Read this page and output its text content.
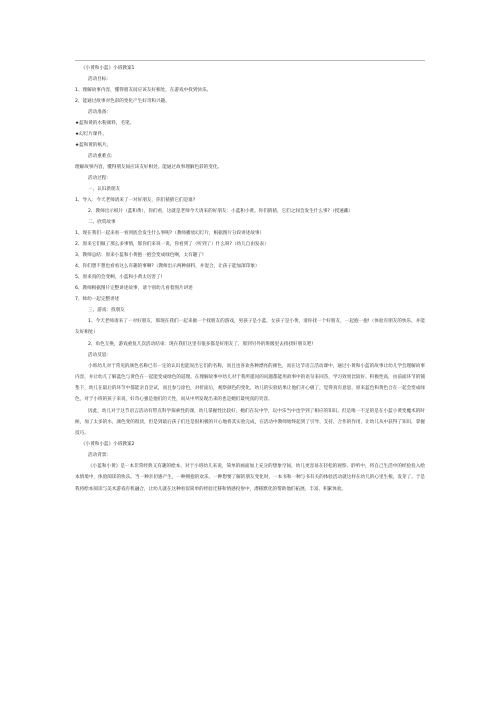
《小黄和小蓝》小班教案1

活动目标:

1、理解故事内容，懂得朋友间应该友好相处，在游戏中找到快乐。

2、能通过故事对色彩的变化产生好奇和兴趣。

活动准备:

★蓝和黄的水粉颜料，毛笔。

★幻灯片课件。

★蓝和黄的纸片。

活动重难点:

理解故事内容，懂得朋友间应该友好相处。能通过故事理解色彩的变化。

活动过程:

一、认识新朋友

1、导入：今天老师请来了一对好朋友，你们猜猜它们是谁?

2、教师出示纸片（蓝和黄），你们看，这就是老师今天请来的好朋友：小蓝和小黄。你们猜猜，它们之间会发生什么事?（授速藏）

二、欣赏故事

1、现在我们一起来看一看到底会发生什么事呢?（教师播放幻灯片，根据图片分段讲述故事）

2、原来它们做了那么多事情，那你们来说一说，你看到了（听到了）什么呀?（幼儿自由发表）

3、教师总结：原来小蓝和小黄抱一抱会变成绿色啊，太有趣了!

4、你们想不想也看看这么有趣的事啊?（教师出示两种颜料，并混合，让孩子能加深印象）

5、原来真的会变啊，小蓝和小黄太厉害了!

6、教师根据图片完整讲述故事，请个别幼儿看着图片讲述

7、师幼一起完整讲述

三、游戏：找朋友

1、今天老师请来了一对好朋友，那现在我们一起来做一个找朋友的游戏，男孩子是小蓝，女孩子是小黄，请你找一个好朋友，一起抱一抱!（体验有朋友的快乐，并能友好相处）

2、角色互换，游戏重复几次活动结束：现在我们这里有很多都是好朋友了，那到另外的班级里去找找好朋友吧!

活动反思:

小班幼儿对于常见的颜色名称已有一定的认识也能说出它们的名称，而且也喜欢各种漂亮的颜色，而在这节语言活动课中，通过小黄和小蓝的故事让幼儿学会理解故事内容，并让幼儿了解蓝色与黄色在一起能变成绿色的道理。在理解故事中幼儿对于我所提问的问题都能用故事中的语句来回答，学习效果比较好。积极性高，由前面环节的铺垫下，幼儿在最后的环节中都能亲自尝试，而且参与涂色，对折面后，观察颜色的变化，幼儿的实验结果让他们开心极了，觉得真有意思，原来蓝色和黄色合在一起会变成绿色，对于小班的孩子来说，好奇心强是他们的天性，而从中所发现出来的也是她们最纯真的笑容。

因此，幼儿对于这节语言活动有带点科学探索性的课，幼儿掌握性比较好，她们在玩中学，玩中乐当中也学到了相应的知识。但是唯一不足的是在小蓝小黄变魔术的时候，加了太多的水，颜色变的很淡，但是到最后孩子们还是很积极的开心地将其实验完成，在活动中教师始终起到了引导、支持、合作的作用，让幼儿从中获得了知识，掌握技巧。

《小黄和小蓝》小班教案2

活动背景:

《小蓝和小黄》是一本非常经典又有趣的绘本，对于小班幼儿来说，简单的画面加上充分的想象空间，幼儿更容易在轻松的观察、聆听中，将自己生活中的经验投入绘本情境中，体验阅读的快乐。当一种亲切感产生，一种拥抱的欢乐，一种想要了解的朋友变化时，一本书和一种与书有关的体验活动就这样在幼儿的心里生根、发芽了。于是我将绘本阅读与美术游戏有机融合，让幼儿就在这种看似简单的经验迁移和情感投射中，潜移默化的帮助他们拓展、丰富、积累体验。
